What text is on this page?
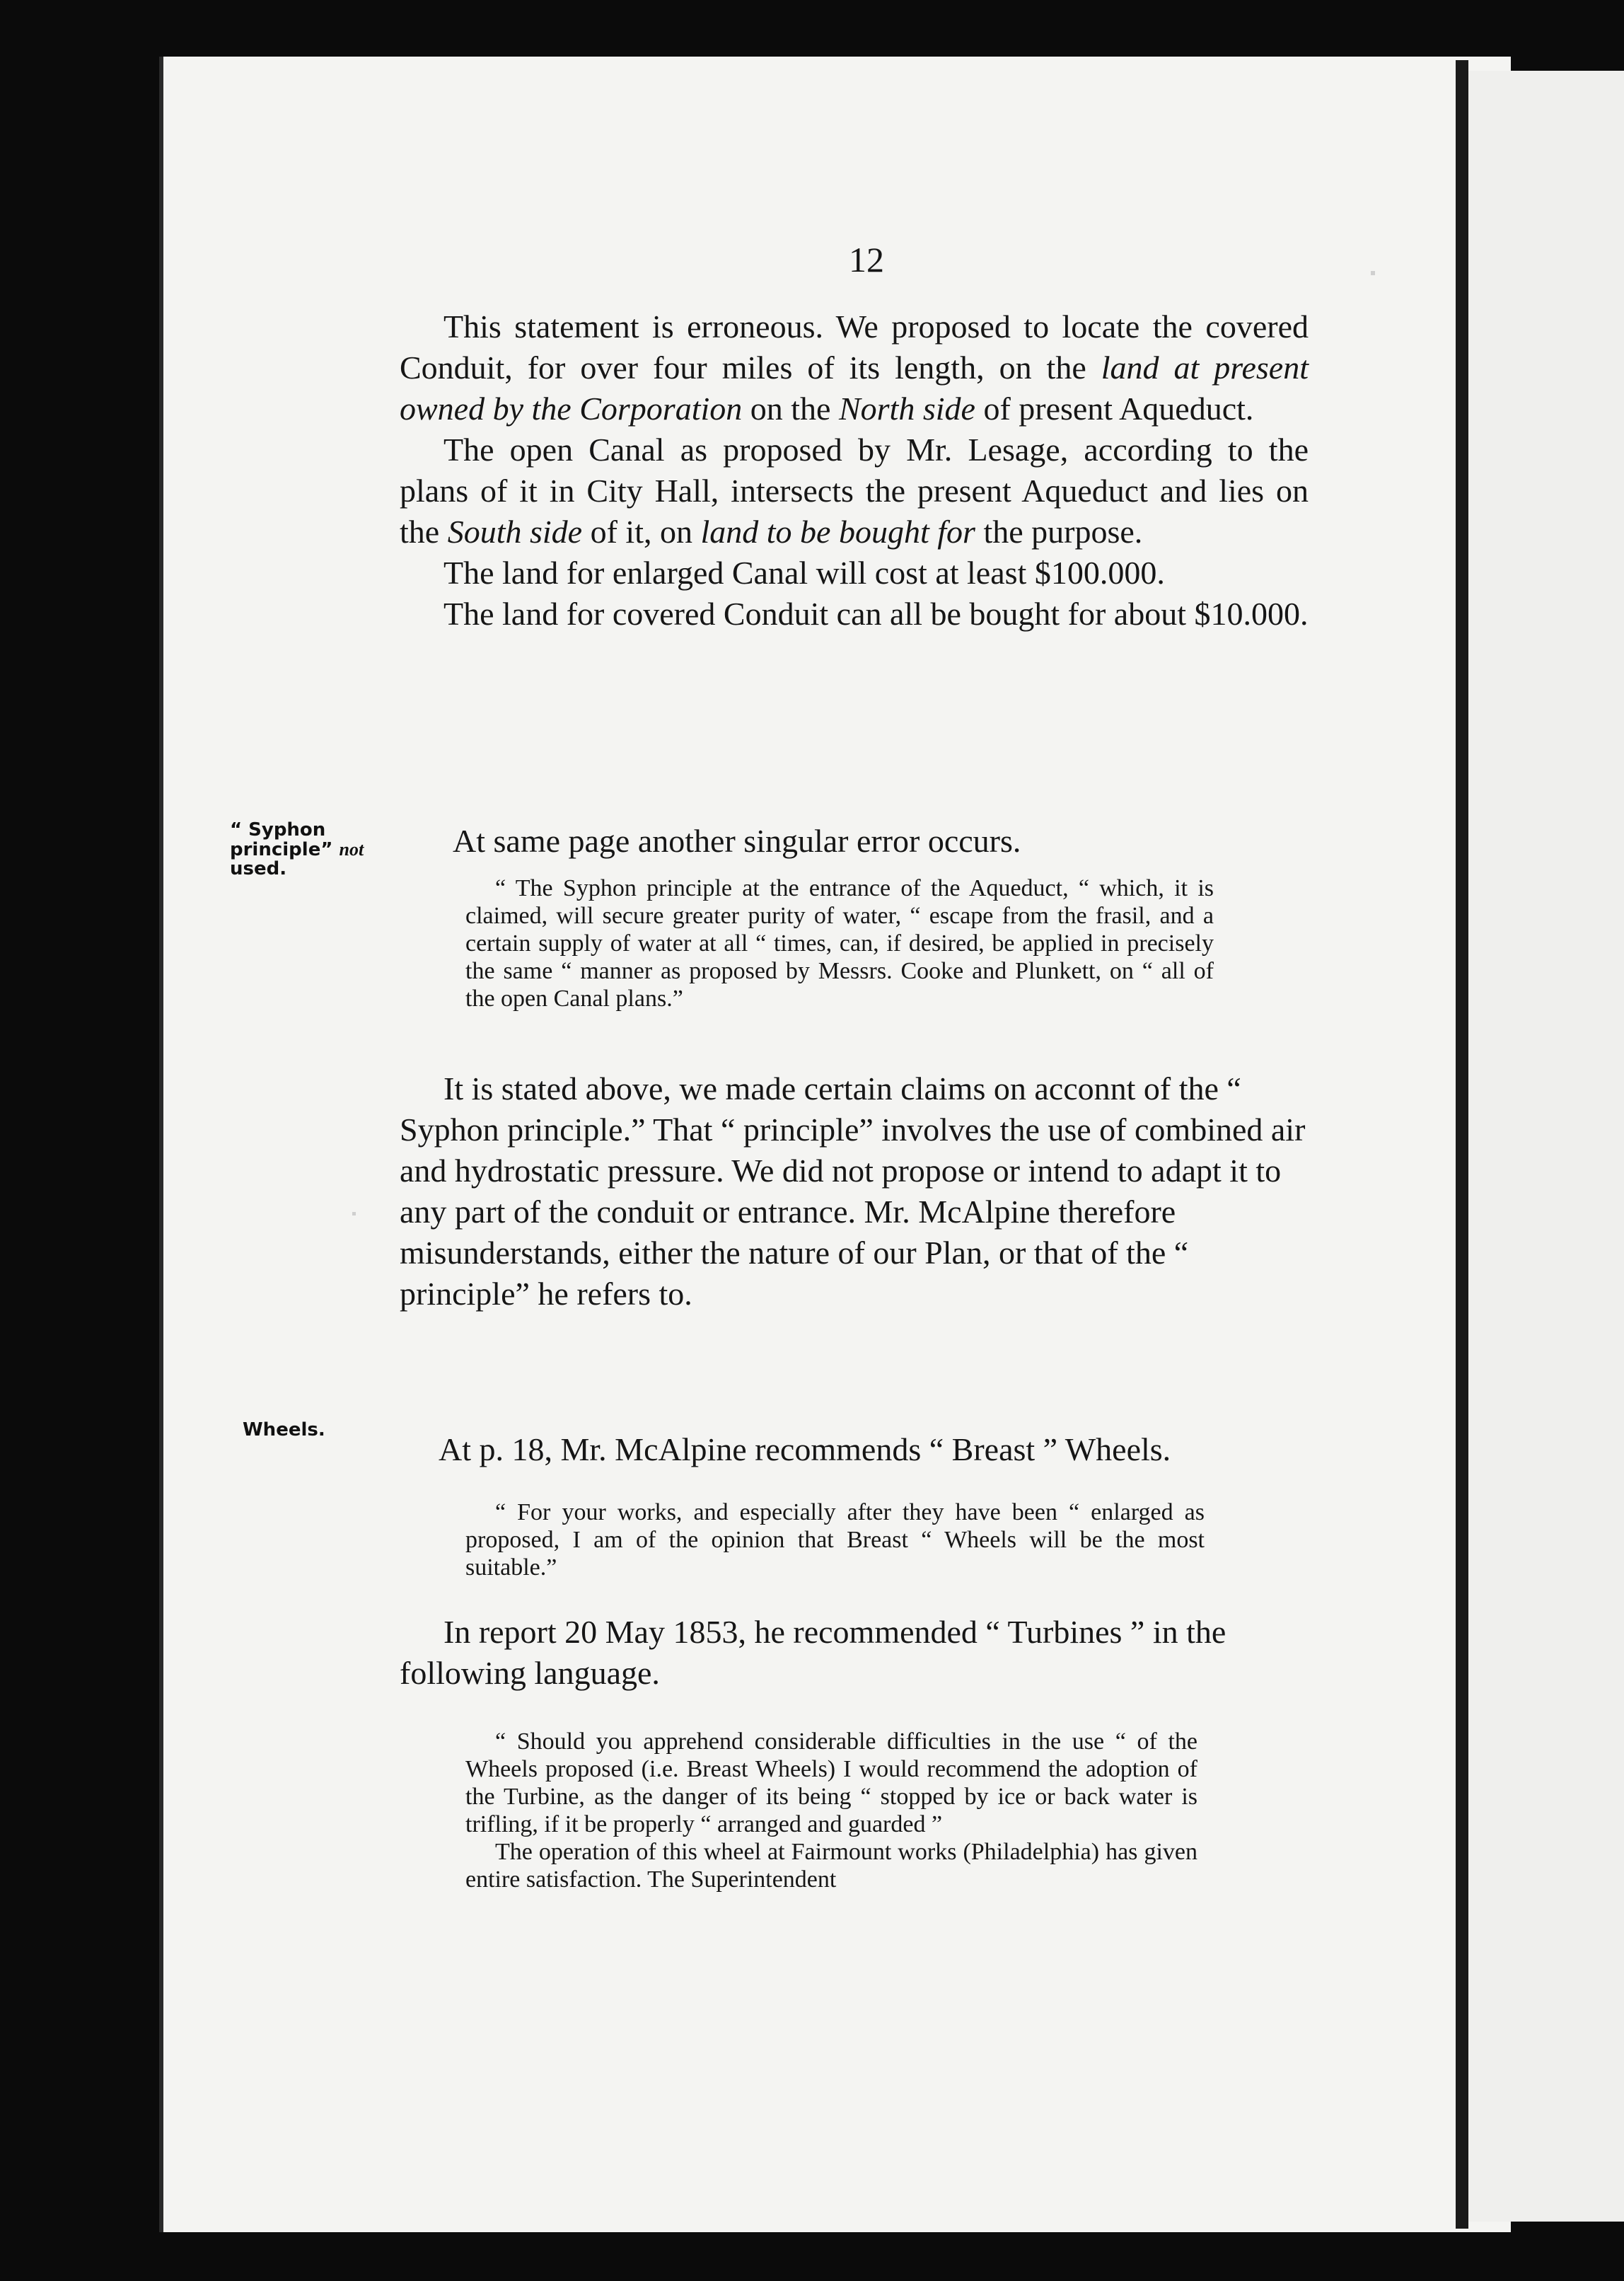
12

This statement is erroneous. We proposed to locate the covered Conduit, for over four miles of its length, on the land at present owned by the Corporation on the North side of present Aqueduct.

The open Canal as proposed by Mr. Lesage, according to the plans of it in City Hall, intersects the present Aqueduct and lies on the South side of it, on land to be bought for the purpose.

The land for enlarged Canal will cost at least $100.000.

The land for covered Conduit can all be bought for about $10.000.

“ Syphon principle” not used.

At same page another singular error occurs.

“ The Syphon principle at the entrance of the Aqueduct, “ which, it is claimed, will secure greater purity of water, “ escape from the frasil, and a certain supply of water at all “ times, can, if desired, be applied in precisely the same “ manner as proposed by Messrs. Cooke and Plunkett, on “ all of the open Canal plans.”

It is stated above, we made certain claims on acconnt of the “ Syphon principle.” That “ principle” involves the use of combined air and hydrostatic pressure. We did not propose or intend to adapt it to any part of the conduit or entrance. Mr. McAlpine therefore misunderstands, either the nature of our Plan, or that of the “ principle” he refers to.

Wheels.

At p. 18, Mr. McAlpine recommends “ Breast ” Wheels.

“ For your works, and especially after they have been “ enlarged as proposed, I am of the opinion that Breast “ Wheels will be the most suitable.”

In report 20 May 1853, he recommended “ Turbines ” in the following language.

“ Should you apprehend considerable difficulties in the use “ of the Wheels proposed (i.e. Breast Wheels) I would recommend the adoption of the Turbine, as the danger of its being “ stopped by ice or back water is trifling, if it be properly “ arranged and guarded ”

The operation of this wheel at Fairmount works (Philadelphia) has given entire satisfaction. The Superintendent
